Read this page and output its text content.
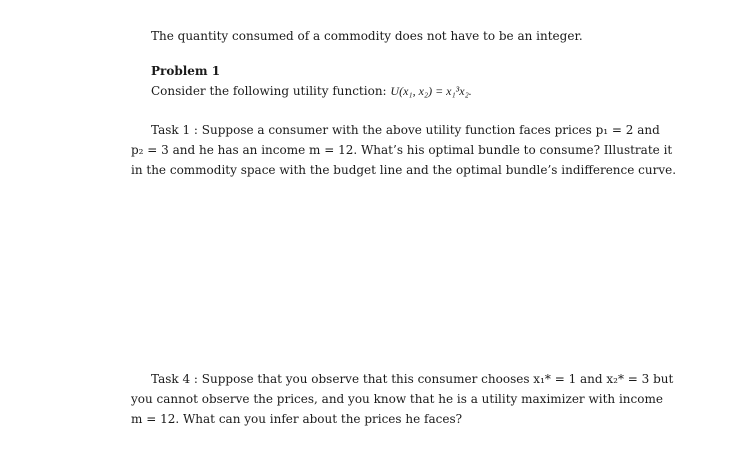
The quantity consumed of a commodity does not have to be an integer.
Problem 1
Consider the following utility function: U(x₁, x₂) = x₁³x₂.
Task 1 : Suppose a consumer with the above utility function faces prices p₁ = 2 and
p₂ = 3 and he has an income m = 12. What’s his optimal bundle to consume? Illustrate it
in the commodity space with the budget line and the optimal bundle’s indifference curve.
Task 4 : Suppose that you observe that this consumer chooses x₁* = 1 and x₂* = 3 but
you cannot observe the prices, and you know that he is a utility maximizer with income
m = 12. What can you infer about the prices he faces?
